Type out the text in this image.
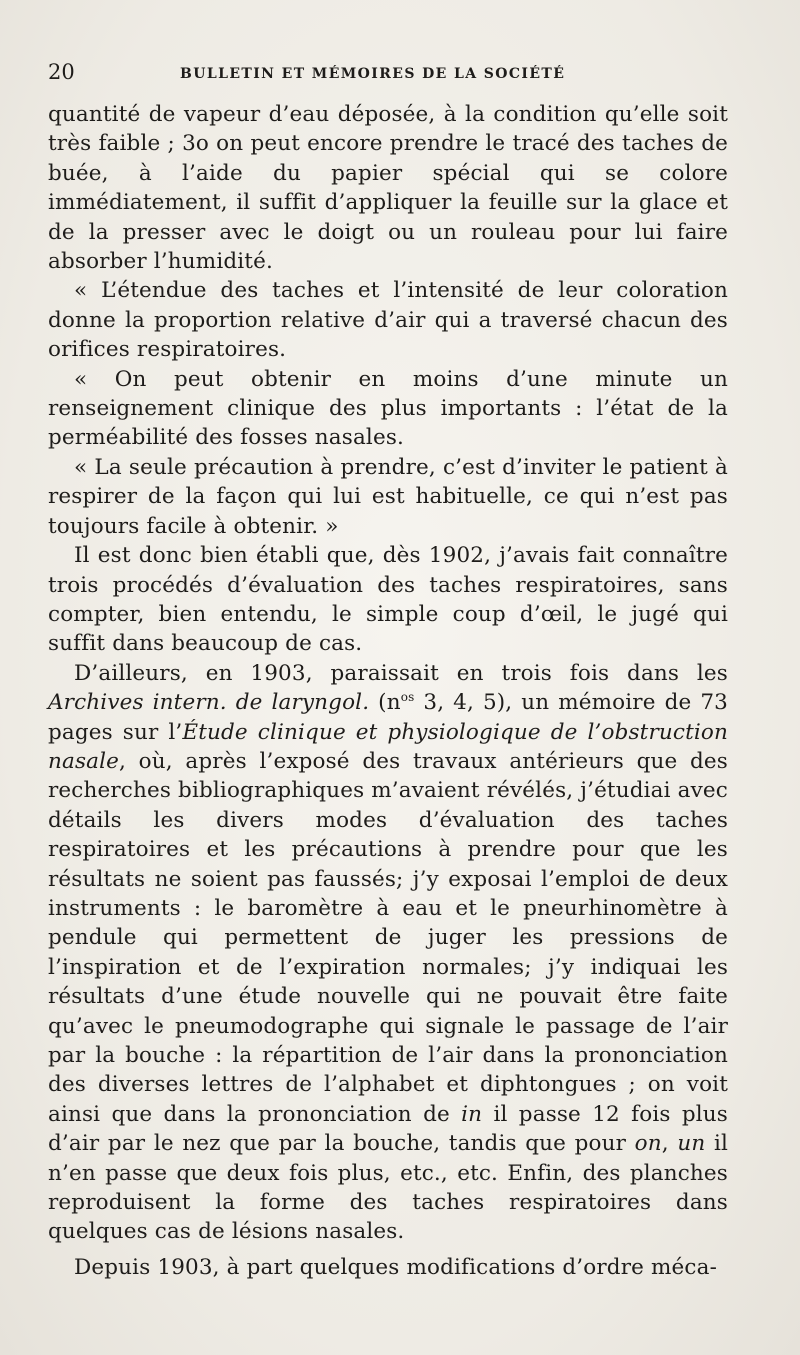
20	BULLETIN ET MÉMOIRES DE LA SOCIÉTÉ

quantité de vapeur d’eau déposée, à la condition qu’elle soit très faible ; 3o on peut encore prendre le tracé des taches de buée, à l’aide du papier spécial qui se colore immédiatement, il suffit d’appliquer la feuille sur la glace et de la presser avec le doigt ou un rouleau pour lui faire absorber l’humidité.

« L’étendue des taches et l’intensité de leur coloration donne la proportion relative d’air qui a traversé chacun des orifices respiratoires.

« On peut obtenir en moins d’une minute un renseignement clinique des plus importants : l’état de la perméabilité des fosses nasales.

« La seule précaution à prendre, c’est d’inviter le patient à respirer de la façon qui lui est habituelle, ce qui n’est pas toujours facile à obtenir. »

Il est donc bien établi que, dès 1902, j’avais fait connaître trois procédés d’évaluation des taches respiratoires, sans compter, bien entendu, le simple coup d’œil, le jugé qui suffit dans beaucoup de cas.

D’ailleurs, en 1903, paraissait en trois fois dans les Archives intern. de laryngol. ($n^{os}$ 3, 4, 5), un mémoire de 73 pages sur l’Étude clinique et physiologique de l’obstruction nasale, où, après l’exposé des travaux antérieurs que des recherches bibliographiques m’avaient révélés, j’étudiai avec détails les divers modes d’évaluation des taches respiratoires et les précautions à prendre pour que les résultats ne soient pas faussés; j’y exposai l’emploi de deux instruments : le baromètre à eau et le pneurhinomètre à pendule qui permettent de juger les pressions de l’inspiration et de l’expiration normales; j’y indiquai les résultats d’une étude nouvelle qui ne pouvait être faite qu’avec le pneumodographe qui signale le passage de l’air par la bouche : la répartition de l’air dans la prononciation des diverses lettres de l’alphabet et diphtongues ; on voit ainsi que dans la prononciation de in il passe 12 fois plus d’air par le nez que par la bouche, tandis que pour on, un il n’en passe que deux fois plus, etc., etc. Enfin, des planches reproduisent la forme des taches respiratoires dans quelques cas de lésions nasales.

Depuis 1903, à part quelques modifications d’ordre méca-
